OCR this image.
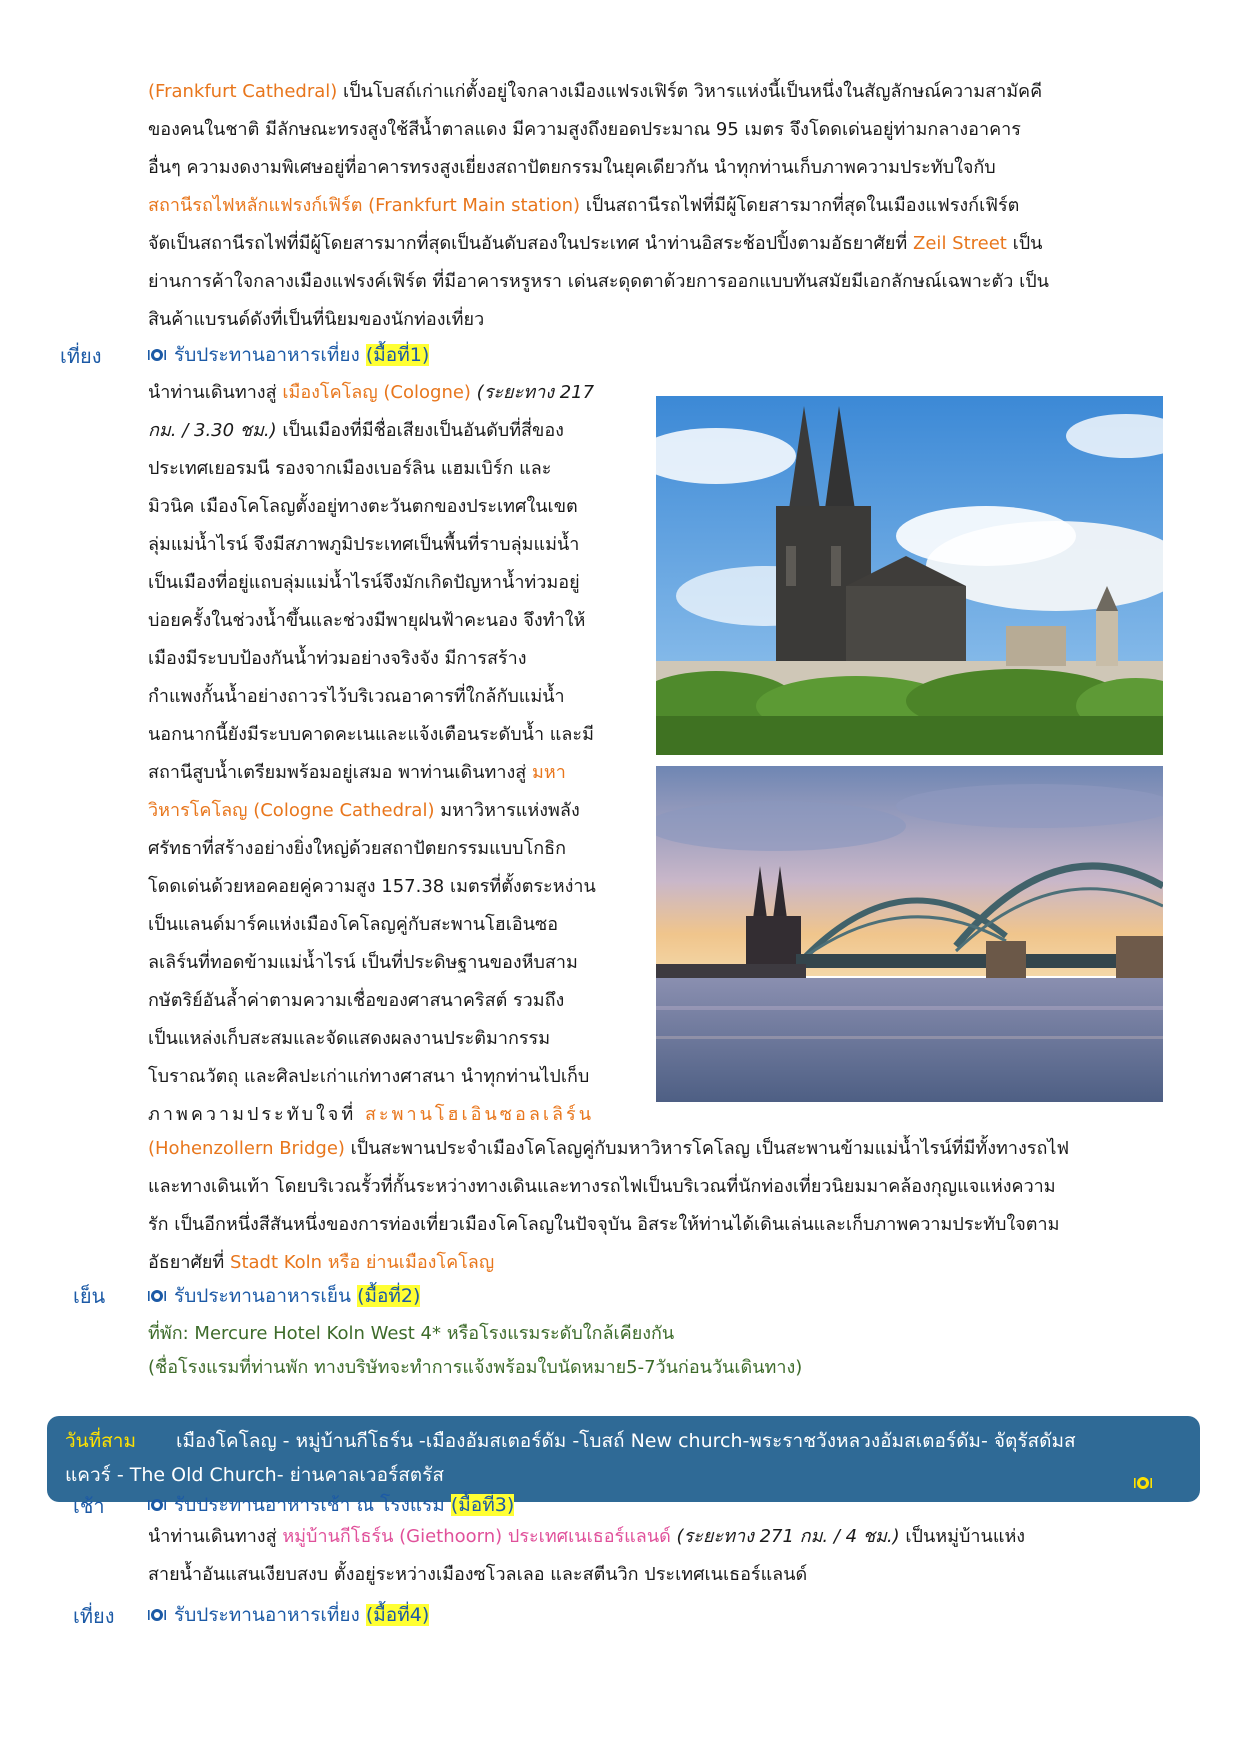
(Frankfurt Cathedral) เป็นโบสถ์เก่าแก่ตั้งอยู่ใจกลางเมืองแฟรงเฟิร์ต วิหารแห่งนี้เป็นหนึ่งในสัญลักษณ์ความสามัคคี

ของคนในชาติ มีลักษณะทรงสูงใช้สีน้ำตาลแดง มีความสูงถึงยอดประมาณ 95 เมตร จึงโดดเด่นอยู่ท่ามกลางอาคาร

อื่นๆ ความงดงามพิเศษอยู่ที่อาคารทรงสูงเยี่ยงสถาปัตยกรรมในยุคเดียวกัน นำทุกท่านเก็บภาพความประทับใจกับ

สถานีรถไฟหลักแฟรงก์เฟิร์ต (Frankfurt Main station) เป็นสถานีรถไฟที่มีผู้โดยสารมากที่สุดในเมืองแฟรงก์เฟิร์ต

จัดเป็นสถานีรถไฟที่มีผู้โดยสารมากที่สุดเป็นอันดับสองในประเทศ นำท่านอิสระช้อปปิ้งตามอัธยาศัยที่ Zeil Street เป็น

ย่านการค้าใจกลางเมืองแฟรงค์เฟิร์ต ที่มีอาคารหรูหรา เด่นสะดุดตาด้วยการออกแบบทันสมัยมีเอกลักษณ์เฉพาะตัว เป็น

สินค้าแบรนด์ดังที่เป็นที่นิยมของนักท่องเที่ยว

เที่ยง	รับประทานอาหารเที่ยง (มื้อที่1)

นำท่านเดินทางสู่ เมืองโคโลญ (Cologne) (ระยะทาง 217

กม. / 3.30 ชม.) เป็นเมืองที่มีชื่อเสียงเป็นอันดับที่สี่ของ

ประเทศเยอรมนี รองจากเมืองเบอร์ลิน แฮมเบิร์ก และ

มิวนิค เมืองโคโลญตั้งอยู่ทางตะวันตกของประเทศในเขต

ลุ่มแม่น้ำไรน์ จึงมีสภาพภูมิประเทศเป็นพื้นที่ราบลุ่มแม่น้ำ

เป็นเมืองที่อยู่แถบลุ่มแม่น้ำไรน์จึงมักเกิดปัญหาน้ำท่วมอยู่

บ่อยครั้งในช่วงน้ำขึ้นและช่วงมีพายุฝนฟ้าคะนอง จึงทำให้

เมืองมีระบบป้องกันน้ำท่วมอย่างจริงจัง มีการสร้าง

กำแพงกั้นน้ำอย่างถาวรไว้บริเวณอาคารที่ใกล้กับแม่น้ำ

นอกนากนี้ยังมีระบบคาดคะเนและแจ้งเตือนระดับน้ำ และมี

สถานีสูบน้ำเตรียมพร้อมอยู่เสมอ พาท่านเดินทางสู่ มหา

วิหารโคโลญ (Cologne Cathedral) มหาวิหารแห่งพลัง

ศรัทธาที่สร้างอย่างยิ่งใหญ่ด้วยสถาปัตยกรรมแบบโกธิก

โดดเด่นด้วยหอคอยคู่ความสูง 157.38 เมตรที่ตั้งตระหง่าน

เป็นแลนด์มาร์คแห่งเมืองโคโลญคู่กับสะพานโฮเอินซอ

ลเลิร์นที่ทอดข้ามแม่น้ำไรน์ เป็นที่ประดิษฐานของหีบสาม

กษัตริย์อันล้ำค่าตามความเชื่อของศาสนาคริสต์ รวมถึง

เป็นแหล่งเก็บสะสมและจัดแสดงผลงานประติมากรรม

โบราณวัตถุ และศิลปะเก่าแก่ทางศาสนา นำทุกท่านไปเก็บ

ภาพความประทับใจที่ สะพานโฮเอินซอลเลิร์น

(Hohenzollern Bridge) เป็นสะพานประจำเมืองโคโลญคู่กับมหาวิหารโคโลญ เป็นสะพานข้ามแม่น้ำไรน์ที่มีทั้งทางรถไฟ

และทางเดินเท้า โดยบริเวณรั้วที่กั้นระหว่างทางเดินและทางรถไฟเป็นบริเวณที่นักท่องเที่ยวนิยมมาคล้องกุญแจแห่งความ

รัก เป็นอีกหนึ่งสีสันหนึ่งของการท่องเที่ยวเมืองโคโลญในปัจจุบัน อิสระให้ท่านได้เดินเล่นและเก็บภาพความประทับใจตาม

อัธยาศัยที่ Stadt Koln หรือ ย่านเมืองโคโลญ

เย็น	รับประทานอาหารเย็น (มื้อที่2)
ที่พัก: Mercure Hotel Koln West 4* หรือโรงแรมระดับใกล้เคียงกัน
(ชื่อโรงแรมที่ท่านพัก ทางบริษัทจะทำการแจ้งพร้อมใบนัดหมาย5-7วันก่อนวันเดินทาง)
วันที่สาม เมืองโคโลญ - หมู่บ้านกีโธร์น -เมืองอัมสเตอร์ดัม -โบสถ์ New church-พระราชวังหลวงอัมสเตอร์ดัม- จัตุรัสดัมส
แควร์ - The Old Church- ย่านคาลเวอร์สตรัส
เช้า	รับประทานอาหารเช้า ณ โรงแรม (มื้อที่3)

นำท่านเดินทางสู่ หมู่บ้านกีโธร์น (Giethoorn) ประเทศเนเธอร์แลนด์ (ระยะทาง 271 กม. / 4 ชม.) เป็นหมู่บ้านแห่ง

สายน้ำอันแสนเงียบสงบ ตั้งอยู่ระหว่างเมืองซโวลเลอ และสตีนวิก ประเทศเนเธอร์แลนด์

เที่ยง	รับประทานอาหารเที่ยง (มื้อที่4)
